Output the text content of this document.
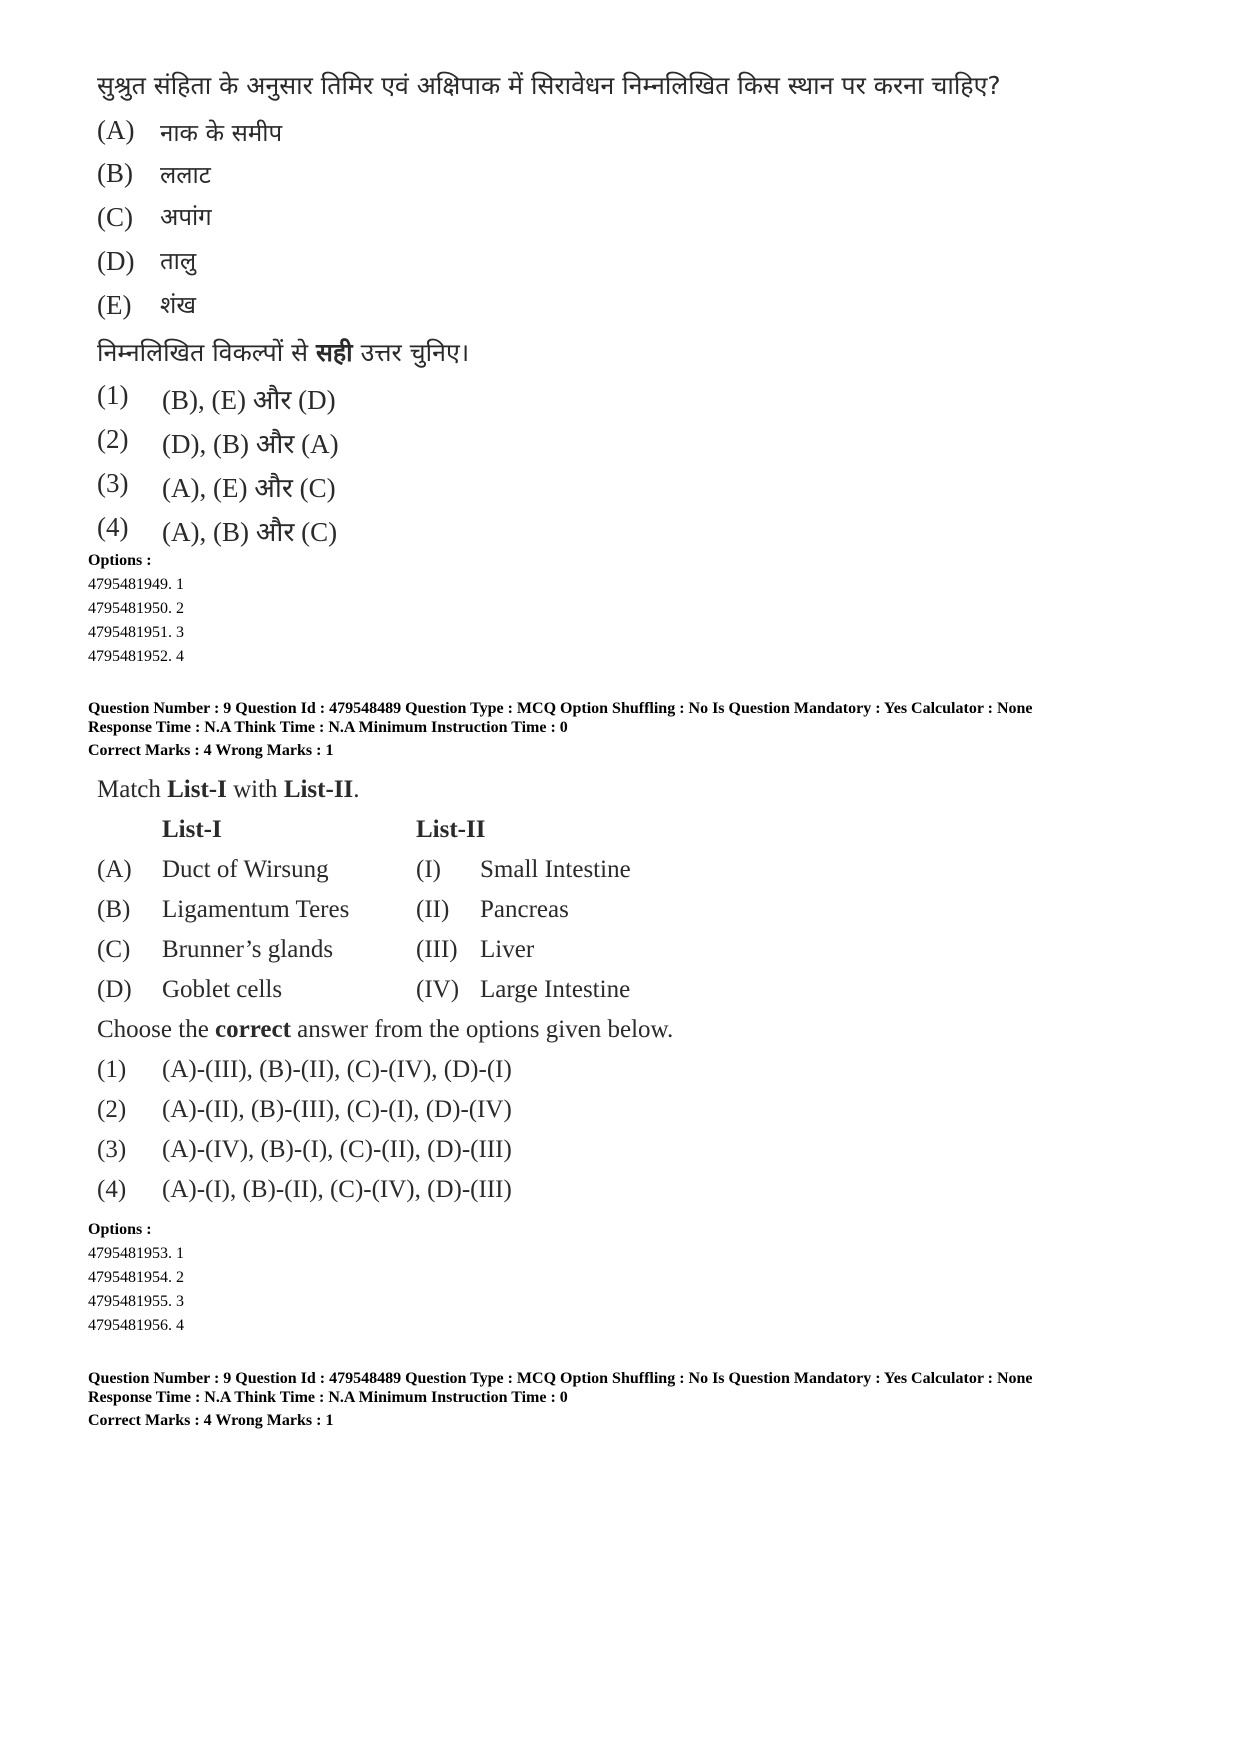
सुश्रुत संहिता के अनुसार तिमिर एवं अक्षिपाक में सिरावेधन निम्नलिखित किस स्थान पर करना चाहिए?
(A) नाक के समीप
(B) ललाट
(C) अपांग
(D) तालु
(E) शंख
निम्नलिखित विकल्पों से सही उत्तर चुनिए।
(1) (B), (E) और (D)
(2) (D), (B) और (A)
(3) (A), (E) और (C)
(4) (A), (B) और (C)
Options :
4795481949. 1
4795481950. 2
4795481951. 3
4795481952. 4
Question Number : 9 Question Id : 479548489 Question Type : MCQ Option Shuffling : No Is Question Mandatory : Yes Calculator : None
Response Time : N.A Think Time : N.A Minimum Instruction Time : 0
Correct Marks : 4 Wrong Marks : 1
Match List-I with List-II.
List-I	List-II
(A) Duct of Wirsung	(I) Small Intestine
(B) Ligamentum Teres	(II) Pancreas
(C) Brunner’s glands	(III) Liver
(D) Goblet cells	(IV) Large Intestine
Choose the correct answer from the options given below.
(1) (A)-(III), (B)-(II), (C)-(IV), (D)-(I)
(2) (A)-(II), (B)-(III), (C)-(I), (D)-(IV)
(3) (A)-(IV), (B)-(I), (C)-(II), (D)-(III)
(4) (A)-(I), (B)-(II), (C)-(IV), (D)-(III)
Options :
4795481953. 1
4795481954. 2
4795481955. 3
4795481956. 4
Question Number : 9 Question Id : 479548489 Question Type : MCQ Option Shuffling : No Is Question Mandatory : Yes Calculator : None
Response Time : N.A Think Time : N.A Minimum Instruction Time : 0
Correct Marks : 4 Wrong Marks : 1
